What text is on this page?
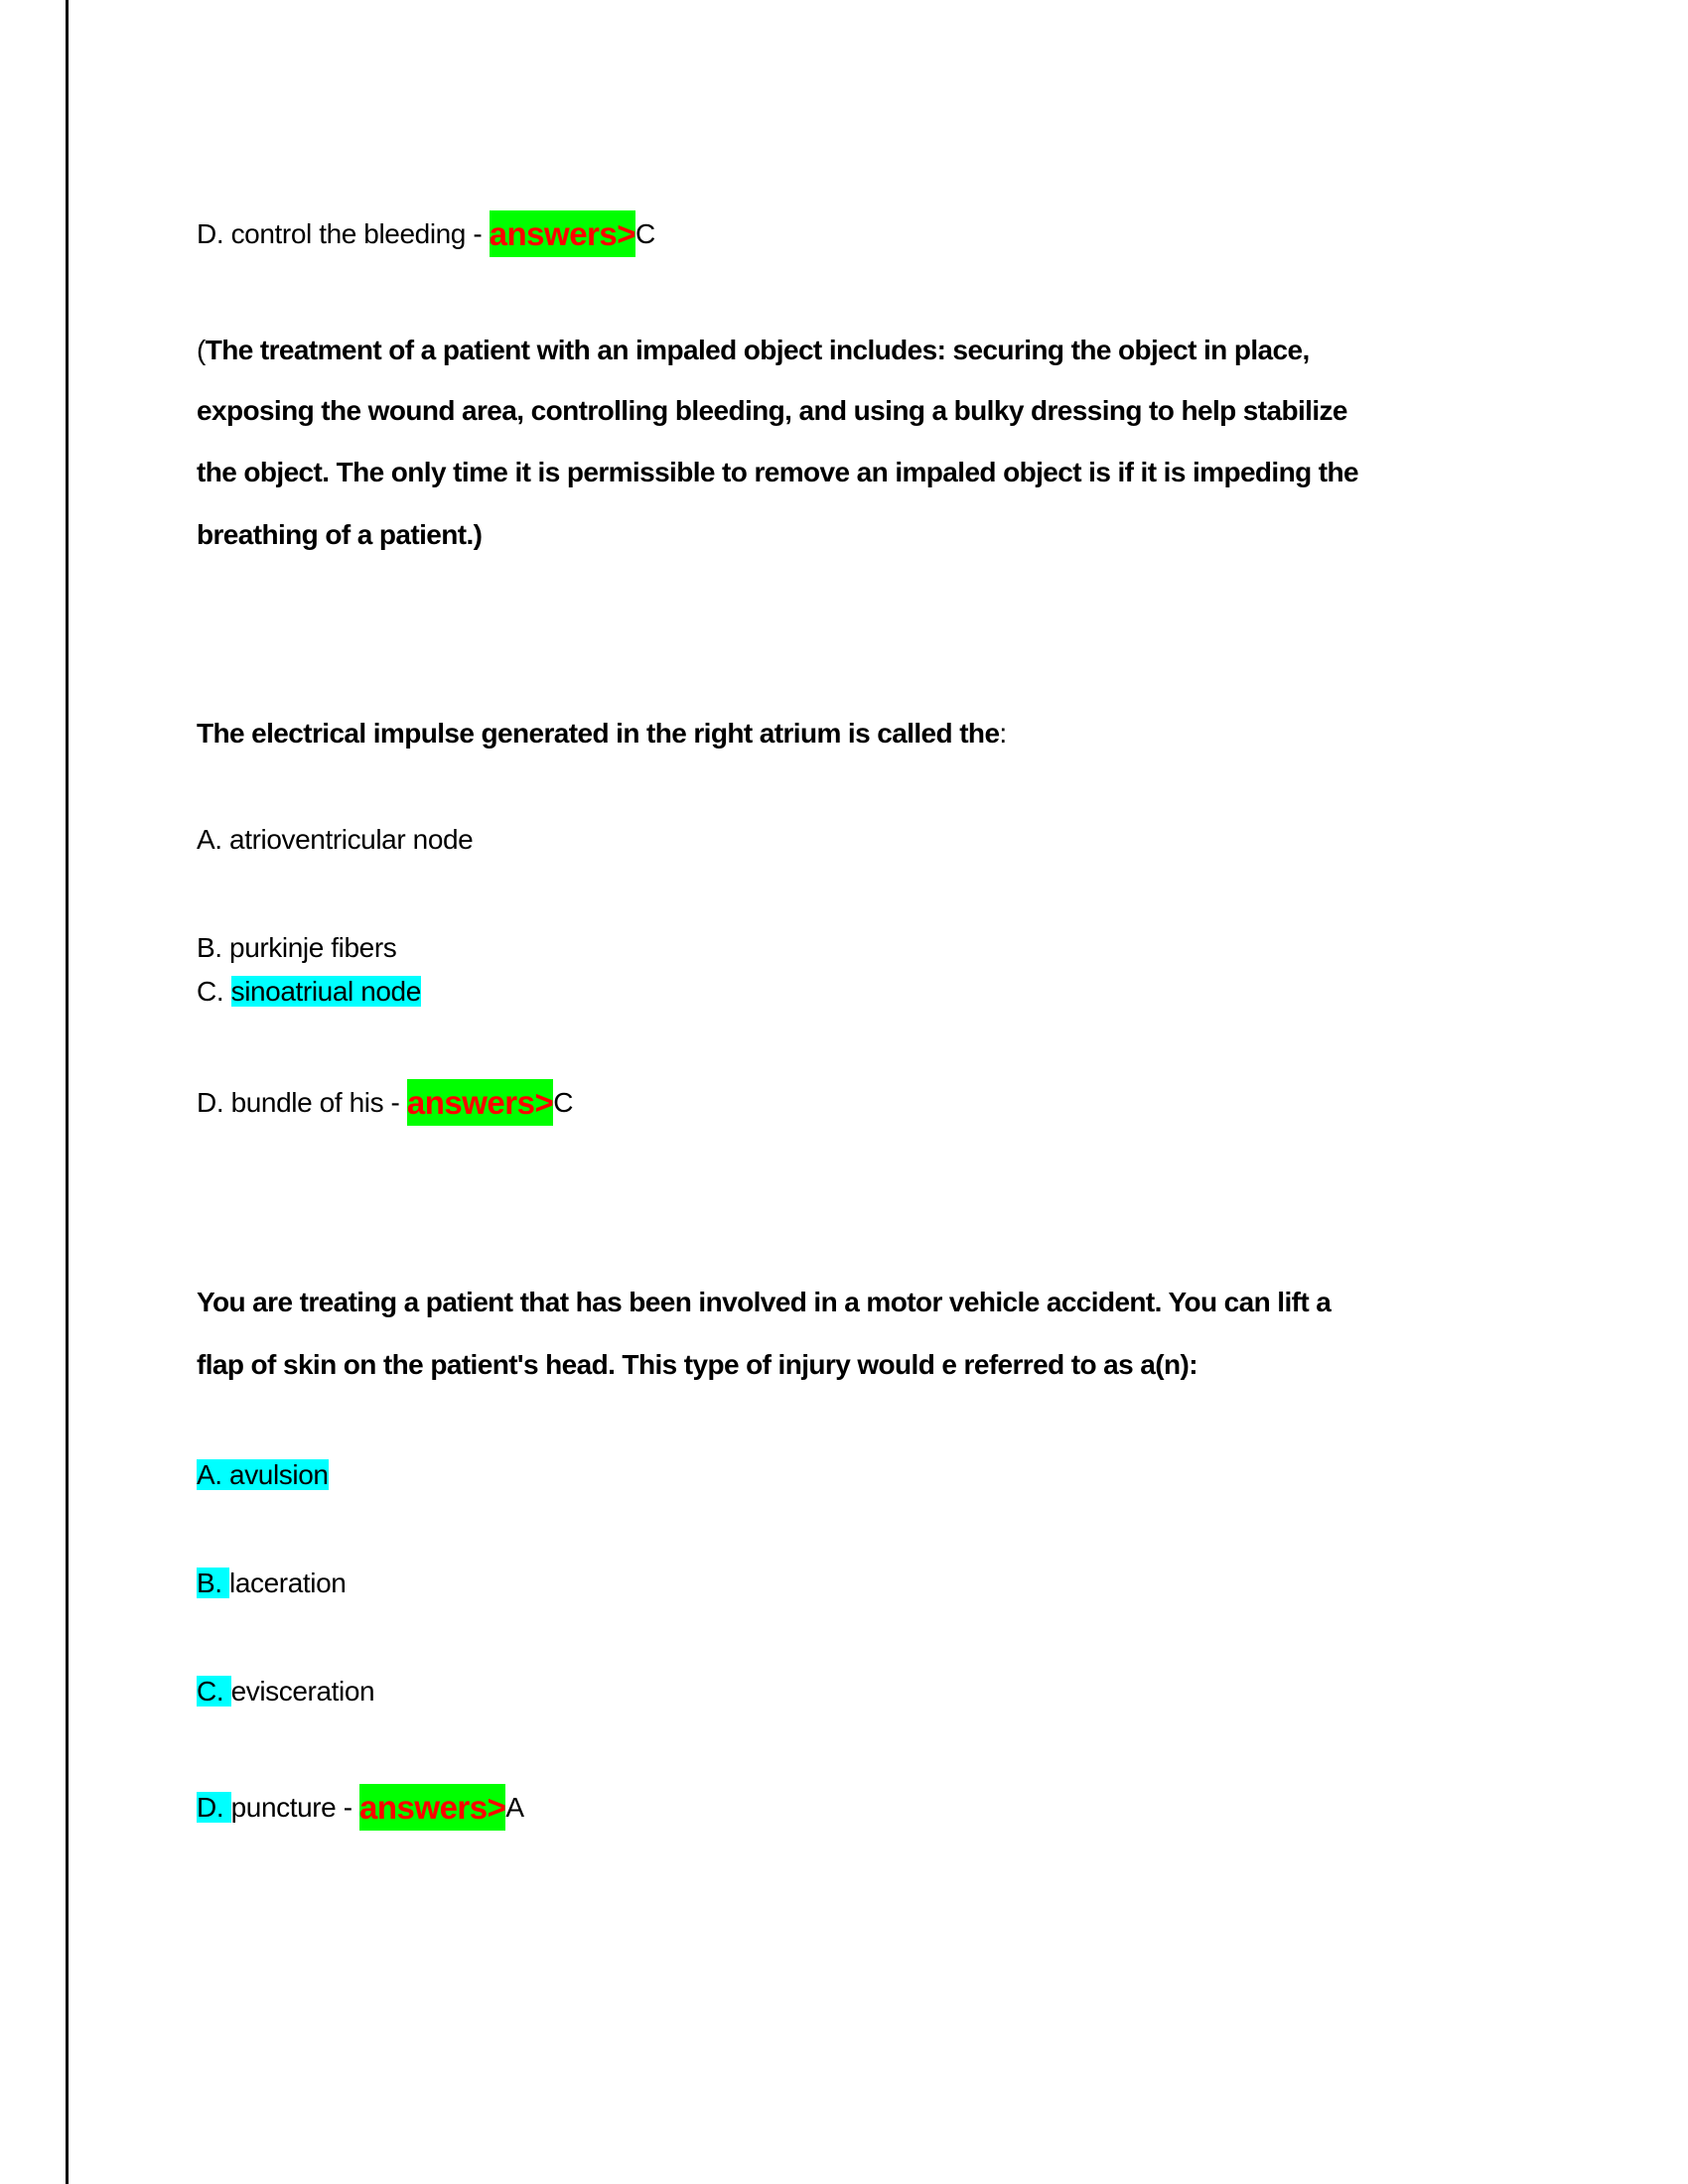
D. control the bleeding - answers>C
(The treatment of a patient with an impaled object includes: securing the object in place,
exposing the wound area, controlling bleeding, and using a bulky dressing to help stabilize
the object. The only time it is permissible to remove an impaled object is if it is impeding the
breathing of a patient.)
The electrical impulse generated in the right atrium is called the:
A. atrioventricular node
B. purkinje fibers
C. sinoatriual node
D. bundle of his - answers>C
You are treating a patient that has been involved in a motor vehicle accident. You can lift a
flap of skin on the patient's head. This type of injury would e referred to as a(n):
A. avulsion
B. laceration
C. evisceration
D. puncture - answers>A
